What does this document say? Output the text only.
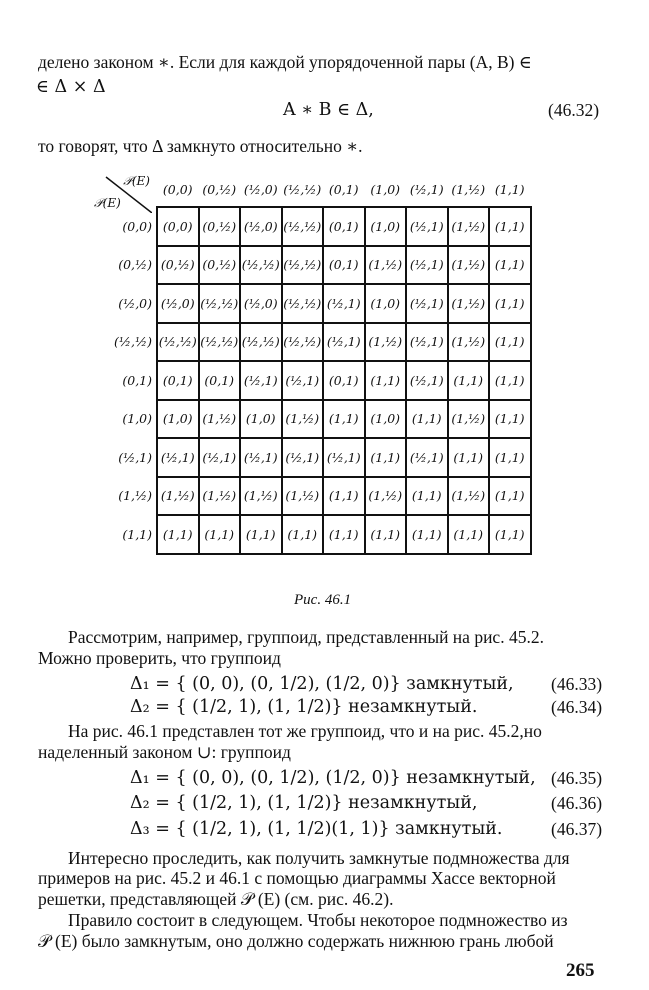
делено законом ∗. Если для каждой упорядоченной пары (A, B) ∈
∈ Δ × Δ
A ∗ B ∈ Δ,	(46.32)
то говорят, что Δ замкнуто относительно ∗.
𝒫(E)
𝒫(E)	(0,0)	(0,½)	(½,0)	(½,½)	(0,1)	(1,0)	(½,1)	(1,½)	(1,1)
(0,0)	(0,0)	(0,½)	(½,0)	(½,½)	(0,1)	(1,0)	(½,1)	(1,½)	(1,1)
(0,½)	(0,½)	(0,½)	(½,½)	(½,½)	(0,1)	(1,½)	(½,1)	(1,½)	(1,1)
(½,0)	(½,0)	(½,½)	(½,0)	(½,½)	(½,1)	(1,0)	(½,1)	(1,½)	(1,1)
(½,½)	(½,½)	(½,½)	(½,½)	(½,½)	(½,1)	(1,½)	(½,1)	(1,½)	(1,1)
(0,1)	(0,1)	(0,1)	(½,1)	(½,1)	(0,1)	(1,1)	(½,1)	(1,1)	(1,1)
(1,0)	(1,0)	(1,½)	(1,0)	(1,½)	(1,1)	(1,0)	(1,1)	(1,½)	(1,1)
(½,1)	(½,1)	(½,1)	(½,1)	(½,1)	(½,1)	(1,1)	(½,1)	(1,1)	(1,1)
(1,½)	(1,½)	(1,½)	(1,½)	(1,½)	(1,1)	(1,½)	(1,1)	(1,½)	(1,1)
(1,1)	(1,1)	(1,1)	(1,1)	(1,1)	(1,1)	(1,1)	(1,1)	(1,1)	(1,1)
Рис. 46.1
Рассмотрим, например, группоид, представленный на рис. 45.2.
Можно проверить, что группоид
Δ₁ = { (0, 0), (0, 1/2), (1/2, 0)} замкнутый, (46.33)
Δ₂ = { (1/2, 1), (1, 1/2)} незамкнутый.	(46.34)
На рис. 46.1 представлен тот же группоид, что и на рис. 45.2,но
наделенный законом ∪: группоид
Δ₁ = { (0, 0), (0, 1/2), (1/2, 0)} незамкнутый, (46.35)
Δ₂ = { (1/2, 1), (1, 1/2)} незамкнутый,	(46.36)
Δ₃ = { (1/2, 1), (1, 1/2)(1, 1)} замкнутый.	(46.37)
Интересно проследить, как получить замкнутые подмножества для
примеров на рис. 45.2 и 46.1 с помощью диаграммы Хассе векторной
решетки, представляющей 𝒫 (E) (см. рис. 46.2).
Правило состоит в следующем. Чтобы некоторое подмножество из
𝒫 (E) было замкнутым, оно должно содержать нижнюю грань любой
265
